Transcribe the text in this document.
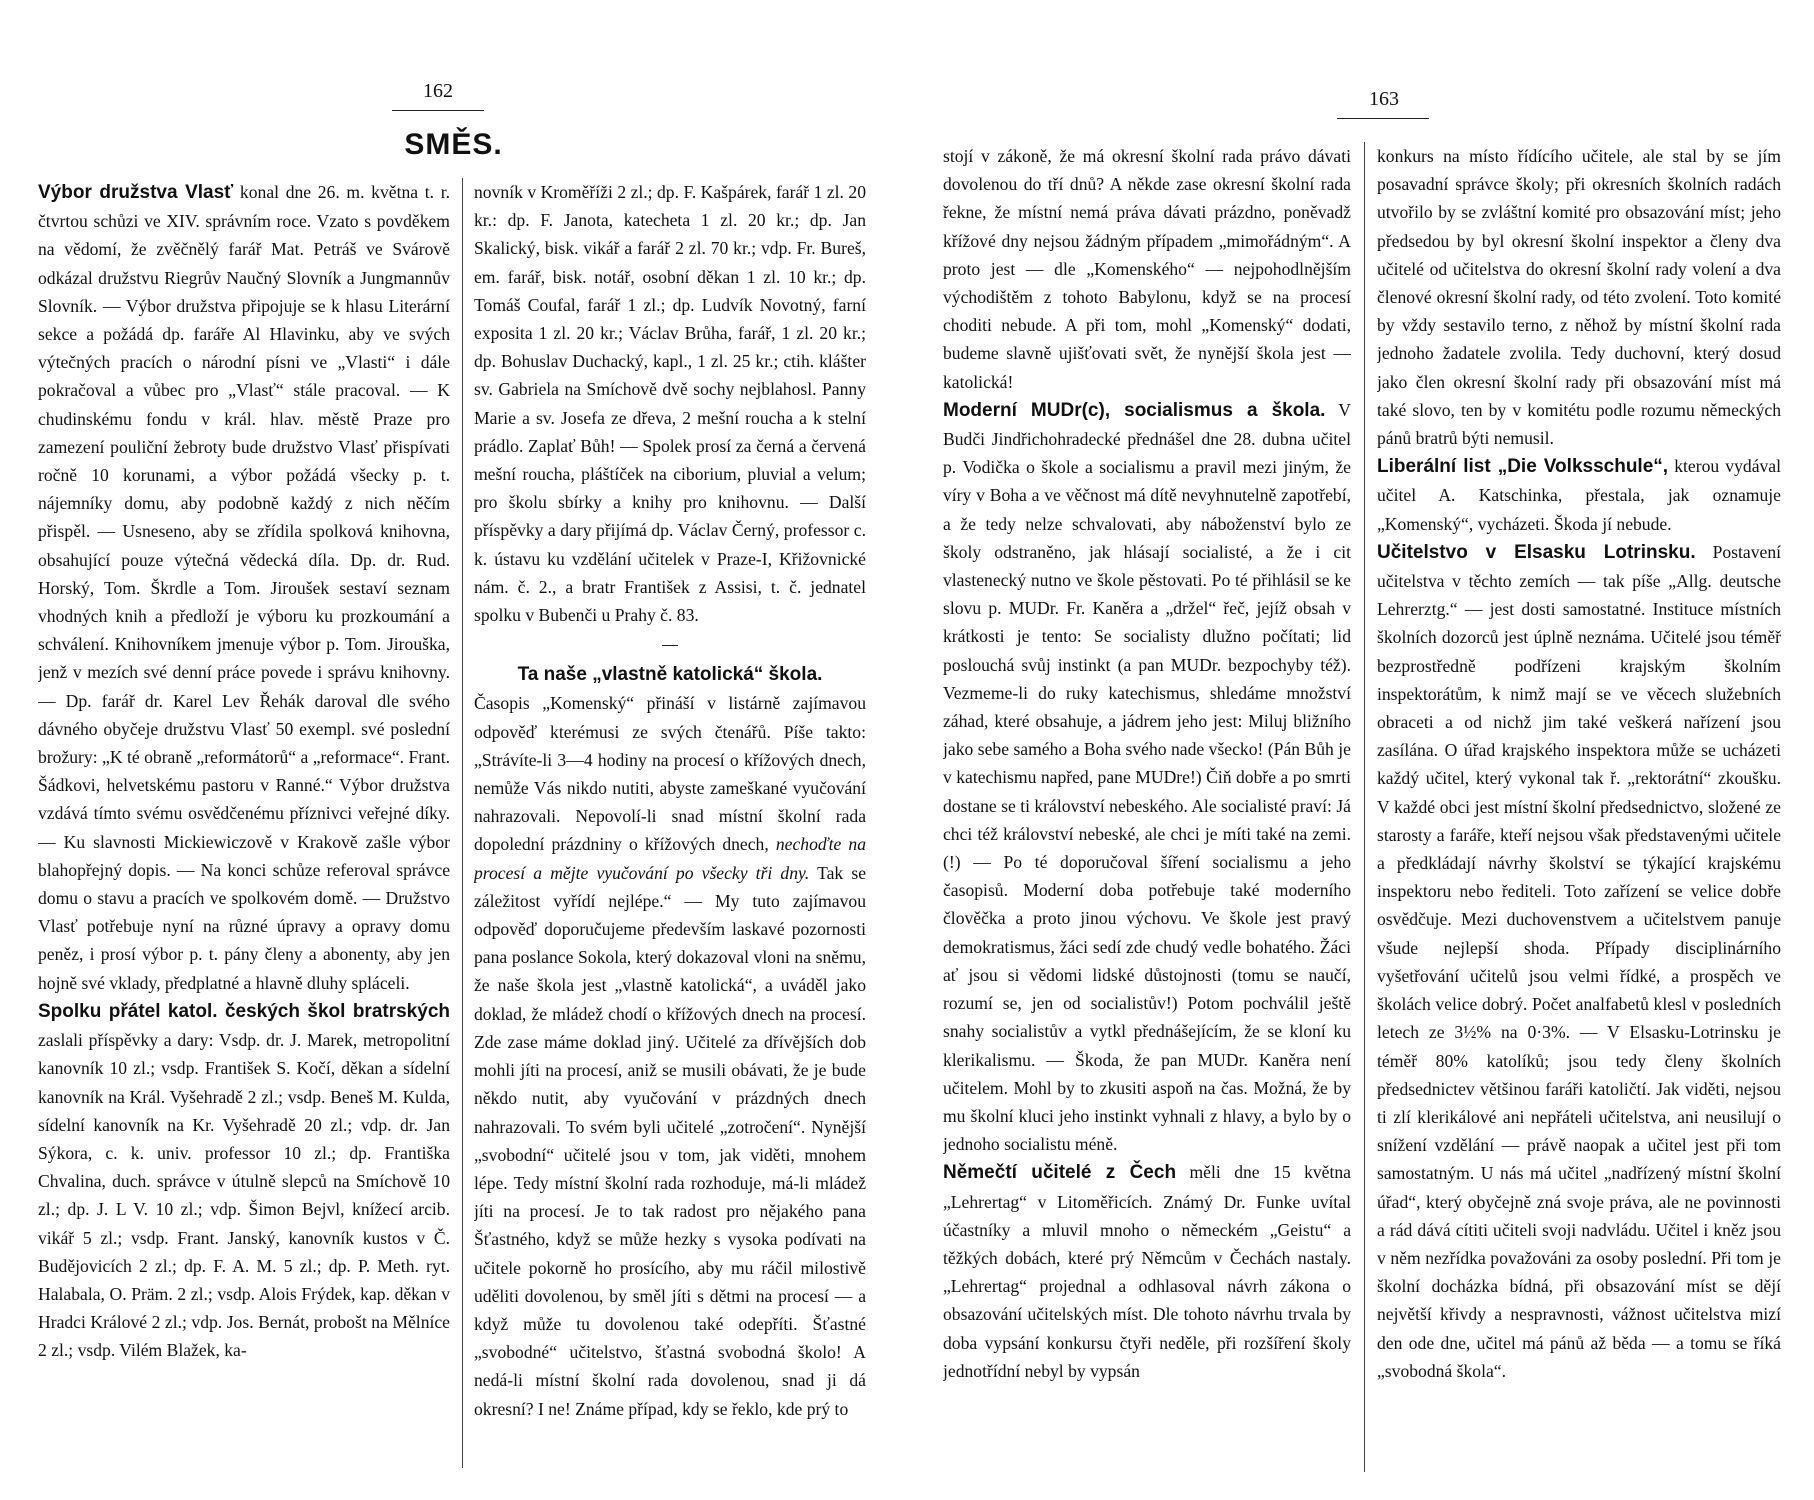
162
SMĚS.

Výbor družstva Vlasť konal dne 26. m. května t. r. čtvrtou schůzi ve XIV. správním roce. Vzato s povděkem na vědomí, že zvěčnělý farář Mat. Petráš ve Svárově odkázal družstvu Riegrův Naučný Slovník a Jungmannův Slovník. — Výbor družstva připojuje se k hlasu Literární sekce a požádá dp. faráře Al Hlavinku, aby ve svých výtečných pracích o národní písni ve „Vlasti“ i dále pokračoval a vůbec pro „Vlasť“ stále pracoval. — K chudinskému fondu v král. hlav. městě Praze pro zamezení pouliční žebroty bude družstvo Vlasť přispívati ročně 10 korunami, a výbor požádá všecky p. t. nájemníky domu, aby podobně každý z nich něčím přispěl. — Usneseno, aby se zřídila spolková knihovna, obsahující pouze výtečná vědecká díla. Dp. dr. Rud. Horský, Tom. Škrdle a Tom. Jiroušek sestaví seznam vhodných knih a předloží je výboru ku prozkoumání a schválení. Knihovníkem jmenuje výbor p. Tom. Jirouška, jenž v mezích své denní práce povede i správu knihovny. — Dp. farář dr. Karel Lev Řehák daroval dle svého dávného obyčeje družstvu Vlasť 50 exempl. své poslední brožury: „K té obraně „reformátorů“ a „reformace“. Frant. Šádkovi, helvetskému pastoru v Ranné.“ Výbor družstva vzdává tímto svému osvědčenému příznivci veřejné díky. — Ku slavnosti Mickiewiczově v Krakově zašle výbor blahopřejný dopis. — Na konci schůze referoval správce domu o stavu a pracích ve spolkovém domě. — Družstvo Vlasť potřebuje nyní na různé úpravy a opravy domu peněz, i prosí výbor p. t. pány členy a abonenty, aby jen hojně své vklady, předplatné a hlavně dluhy spláceli.

Spolku přátel katol. českých škol bratrských zaslali příspěvky a dary: Vsdp. dr. J. Marek, metropolitní kanovník 10 zl.; vsdp. František S. Kočí, děkan a sídelní kanovník na Král. Vyšehradě 2 zl.; vsdp. Beneš M. Kulda, sídelní kanovník na Kr. Vyšehradě 20 zl.; vdp. dr. Jan Sýkora, c. k. univ. professor 10 zl.; dp. Františka Chvalina, duch. správce v útulně slepců na Smíchově 10 zl.; dp. J. L V. 10 zl.; vdp. Šimon Bejvl, knížecí arcib. vikář 5 zl.; vsdp. Frant. Janský, kanovník kustos v Č. Budějovicích 2 zl.; dp. F. A. M. 5 zl.; dp. P. Meth. ryt. Halabala, O. Präm. 2 zl.; vsdp. Alois Frýdek, kap. děkan v Hradci Králové 2 zl.; vdp. Jos. Bernát, probošt na Mělníce 2 zl.; vsdp. Vilém Blažek, ka-

novník v Kroměříži 2 zl.; dp. F. Kašpárek, farář 1 zl. 20 kr.: dp. F. Janota, katecheta 1 zl. 20 kr.; dp. Jan Skalický, bisk. vikář a farář 2 zl. 70 kr.; vdp. Fr. Bureš, em. farář, bisk. notář, osobní děkan 1 zl. 10 kr.; dp. Tomáš Coufal, farář 1 zl.; dp. Ludvík Novotný, farní exposita 1 zl. 20 kr.; Václav Brůha, farář, 1 zl. 20 kr.; dp. Bohuslav Duchacký, kapl., 1 zl. 25 kr.; ctih. klášter sv. Gabriela na Smíchově dvě sochy nejblahosl. Panny Marie a sv. Josefa ze dřeva, 2 mešní roucha a k stelní prádlo. Zaplať Bůh! — Spolek prosí za černá a červená mešní roucha, pláštíček na ciborium, pluvial a velum; pro školu sbírky a knihy pro knihovnu. — Další příspěvky a dary přijímá dp. Václav Černý, professor c. k. ústavu ku vzdělání učitelek v Praze-I, Křižovnické nám. č. 2., a bratr František z Assisi, t. č. jednatel spolku v Bubenči u Prahy č. 83.

Ta naše „vlastně katolická“ škola.

Časopis „Komenský“ přináší v listárně zajímavou odpověď kterémusi ze svých čtenářů. Píše takto: „Strávíte-li 3—4 hodiny na procesí o křížových dnech, nemůže Vás nikdo nutiti, abyste zameškané vyučování nahrazovali. Nepovolí-li snad místní školní rada dopolední prázdniny o křížových dnech, nechoďte na procesí a mějte vyučování po všecky tři dny. Tak se záležitost vyřídí nejlépe.“ — My tuto zajímavou odpověď doporučujeme především laskavé pozornosti pana poslance Sokola, který dokazoval vloni na sněmu, že naše škola jest „vlastně katolická“, a uváděl jako doklad, že mládež chodí o křížových dnech na procesí. Zde zase máme doklad jiný. Učitelé za dřívějších dob mohli jíti na procesí, aniž se musili obávati, že je bude někdo nutit, aby vyučování v prázdných dnech nahrazovali. To svém byli učitelé „zotročení“. Nynější „svobodní“ učitelé jsou v tom, jak viděti, mnohem lépe. Tedy místní školní rada rozhoduje, má-li mládež jíti na procesí. Je to tak radost pro nějakého pana Šťastného, když se může hezky s vysoka podívati na učitele pokorně ho prosícího, aby mu ráčil milostivě uděliti dovolenou, by směl jíti s dětmi na procesí — a když může tu dovolenou také odepříti. Šťastné „svobodné“ učitelstvo, šťastná svobodná školo! A nedá-li místní školní rada dovolenou, snad ji dá okresní? I ne! Známe případ, kdy se řeklo, kde prý to

163

stojí v zákoně, že má okresní školní rada právo dávati dovolenou do tří dnů? A někde zase okresní školní rada řekne, že místní nemá práva dávati prázdno, poněvadž křížové dny nejsou žádným případem „mimořádným“. A proto jest — dle „Komenského“ — nejpohodlnějším východištěm z tohoto Babylonu, když se na procesí choditi nebude. A při tom, mohl „Komenský“ dodati, budeme slavně ujišťovati svět, že nynější škola jest — katolická!

Moderní MUDr(c), socialismus a škola. V Budči Jindřichohradecké přednášel dne 28. dubna učitel p. Vodička o škole a socialismu a pravil mezi jiným, že víry v Boha a ve věčnost má dítě nevyhnutelně zapotřebí, a že tedy nelze schvalovati, aby náboženství bylo ze školy odstraněno, jak hlásají socialisté, a že i cit vlastenecký nutno ve škole pěstovati. Po té přihlásil se ke slovu p. MUDr. Fr. Kaněra a „držel“ řeč, jejíž obsah v krátkosti je tento: Se socialisty dlužno počítati; lid poslouchá svůj instinkt (a pan MUDr. bezpochyby též). Vezmeme-li do ruky katechismus, shledáme množství záhad, které obsahuje, a jádrem jeho jest: Miluj bližního jako sebe samého a Boha svého nade všecko! (Pán Bůh je v katechismu napřed, pane MUDre!) Čiň dobře a po smrti dostane se ti království nebeského. Ale socialisté praví: Já chci též království nebeské, ale chci je míti také na zemi. (!) — Po té doporučoval šíření socialismu a jeho časopisů. Moderní doba potřebuje také moderního člověčka a proto jinou výchovu. Ve škole jest pravý demokratismus, žáci sedí zde chudý vedle bohatého. Žáci ať jsou si vědomi lidské důstojnosti (tomu se naučí, rozumí se, jen od socialistův!) Potom pochválil ještě snahy socialistův a vytkl přednášejícím, že se kloní ku klerikalismu. — Škoda, že pan MUDr. Kaněra není učitelem. Mohl by to zkusiti aspoň na čas. Možná, že by mu školní kluci jeho instinkt vyhnali z hlavy, a bylo by o jednoho socialistu méně.

Němečtí učitelé z Čech měli dne 15 května „Lehrertag“ v Litoměřicích. Známý Dr. Funke uvítal účastníky a mluvil mnoho o německém „Geistu“ a těžkých dobách, které prý Němcům v Čechách nastaly. „Lehrertag“ projednal a odhlasoval návrh zákona o obsazování učitelských míst. Dle tohoto návrhu trvala by doba vypsání konkursu čtyři neděle, při rozšíření školy jednotřídní nebyl by vypsán

konkurs na místo řídícího učitele, ale stal by se jím posavadní správce školy; při okresních školních radách utvořilo by se zvláštní komité pro obsazování míst; jeho předsedou by byl okresní školní inspektor a členy dva učitelé od učitelstva do okresní školní rady volení a dva členové okresní školní rady, od této zvolení. Toto komité by vždy sestavilo terno, z něhož by místní školní rada jednoho žadatele zvolila. Tedy duchovní, který dosud jako člen okresní školní rady při obsazování míst má také slovo, ten by v komitétu podle rozumu německých pánů bratrů býti nemusil.

Liberální list „Die Volksschule“, kterou vydával učitel A. Katschinka, přestala, jak oznamuje „Komenský“, vycházeti. Škoda jí nebude.

Učitelstvo v Elsasku Lotrinsku. Postavení učitelstva v těchto zemích — tak píše „Allg. deutsche Lehrerztg.“ — jest dosti samostatné. Instituce místních školních dozorců jest úplně neznáma. Učitelé jsou téměř bezprostředně podřízeni krajským školním inspektorátům, k nimž mají se ve věcech služebních obraceti a od nichž jim také veškerá nařízení jsou zasílána. O úřad krajského inspektora může se ucházeti každý učitel, který vykonal tak ř. „rektorátní“ zkoušku. V každé obci jest místní školní předsednictvo, složené ze starosty a faráře, kteří nejsou však představenými učitele a předkládají návrhy školství se týkající krajskému inspektoru nebo řediteli. Toto zařízení se velice dobře osvědčuje. Mezi duchovenstvem a učitelstvem panuje všude nejlepší shoda. Případy disciplinárního vyšetřování učitelů jsou velmi řídké, a prospěch ve školách velice dobrý. Počet analfabetů klesl v posledních letech ze 3½% na 0·3%. — V Elsasku-Lotrinsku je téměř 80% katolíků; jsou tedy členy školních předsednictev většinou faráři katoličtí. Jak viděti, nejsou ti zlí klerikálové ani nepřáteli učitelstva, ani neusilují o snížení vzdělání — právě naopak a učitel jest při tom samostatným. U nás má učitel „nadřízený místní školní úřad“, který obyčejně zná svoje práva, ale ne povinnosti a rád dává cítiti učiteli svoji nadvládu. Učitel i kněz jsou v něm nezřídka považováni za osoby poslední. Při tom je školní docházka bídná, při obsazování míst se dějí největší křivdy a nespravnosti, vážnost učitelstva mizí den ode dne, učitel má pánů až běda — a tomu se říká „svobodná škola“.
